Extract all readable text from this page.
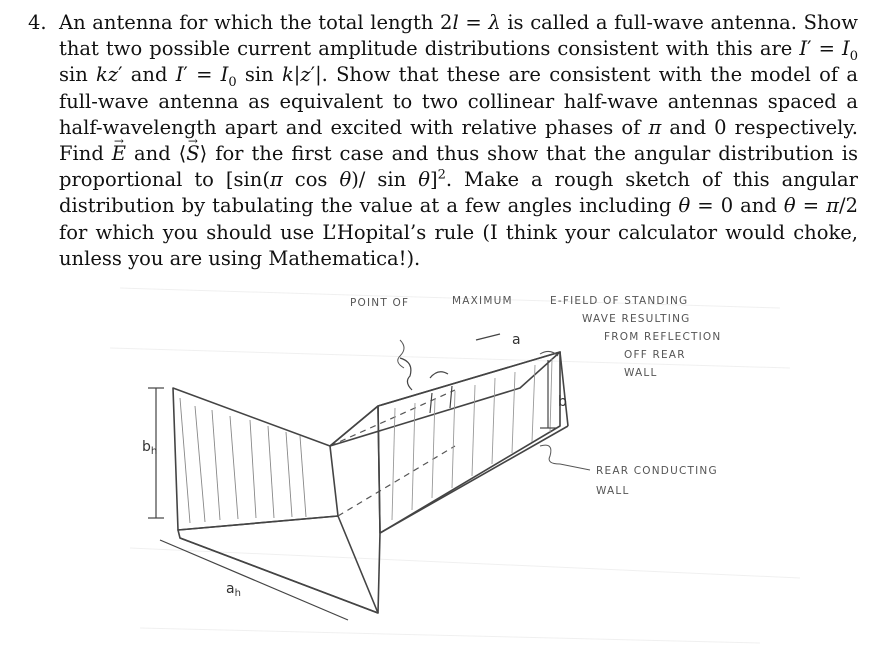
4. An antenna for which the total length 2l = λ is called a full-wave antenna. Show that two possible current amplitude distributions consistent with this are $I' = I_0$ sin kz′ and $I' = I_0$ sin k|z′|. Show that these are consistent with the model of a full-wave antenna as equivalent to two collinear half-wave antennas spaced a half-wavelength apart and excited with relative phases of π and 0 respectively. Find → E and ⟨→ S⟩ for the first case and thus show that the angular distribution is proportional to [sin(π cos θ)/ sin θ]$^2$. Make a rough sketch of this angular distribution by tabulating the value at a few angles including θ = 0 and θ = π/2 for which you should use L’Hopital’s rule (I think your calculator would choke, unless you are using Mathematica!).
$b_h$
$a_h$
a
b
POINT OF	MAXIMUM	E-FIELD OF STANDING
WAVE RESULTING
FROM REFLECTION
OFF REAR
WALL
REAR CONDUCTING
WALL
